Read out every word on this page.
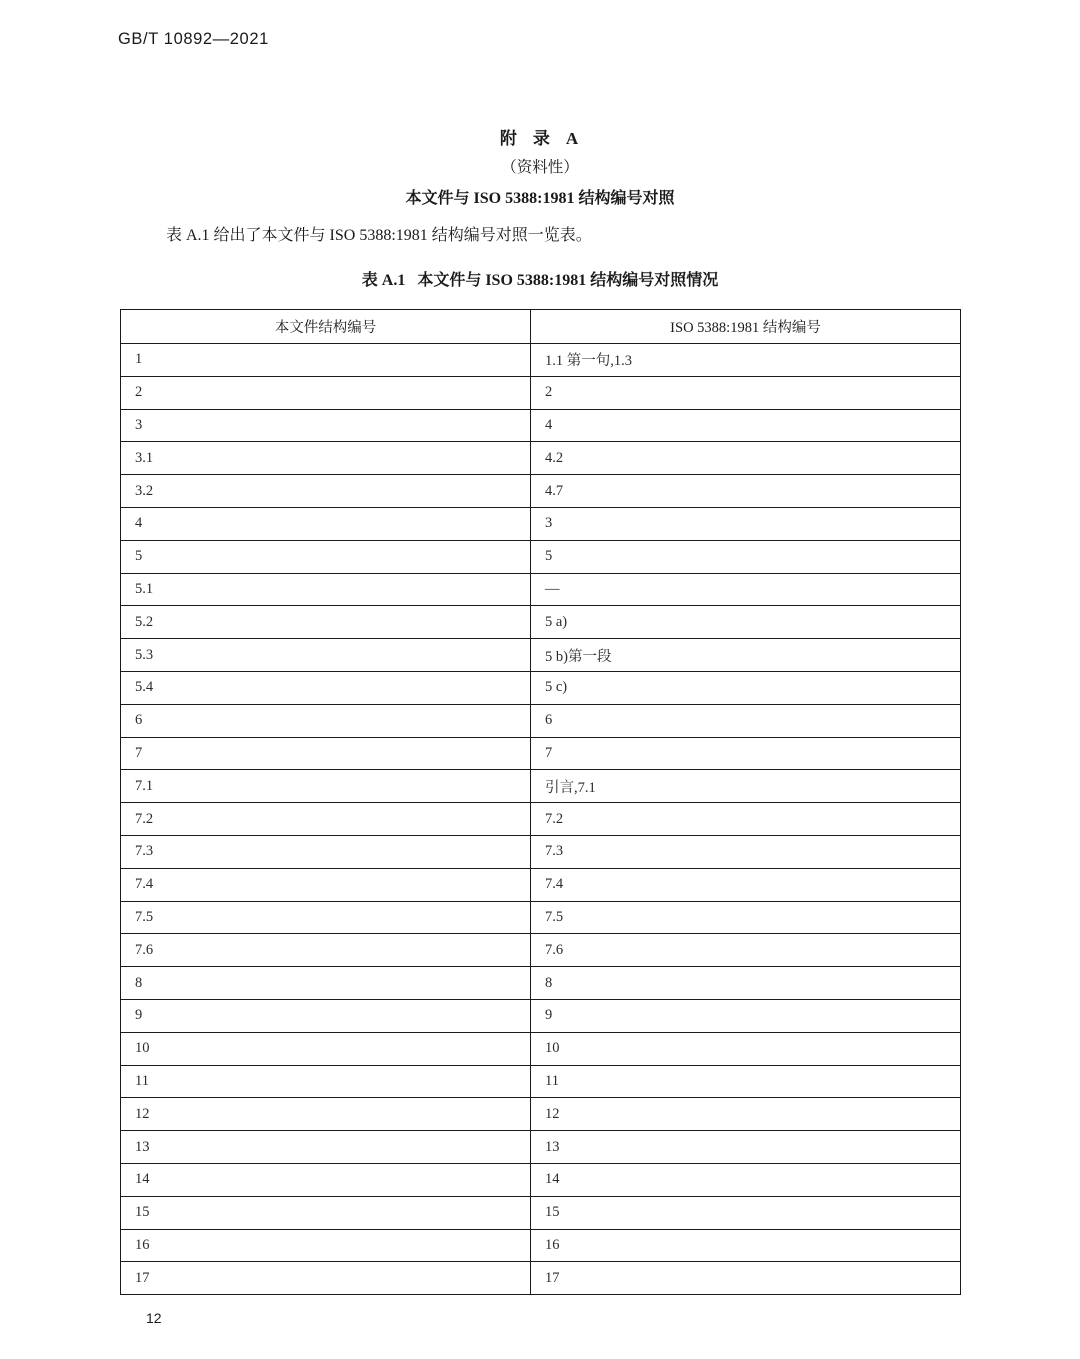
GB/T 10892—2021
附 录 A
（资料性）
本文件与 ISO 5388:1981 结构编号对照
表 A.1 给出了本文件与 ISO 5388:1981 结构编号对照一览表。
表 A.1 本文件与 ISO 5388:1981 结构编号对照情况
本文件结构编号	ISO 5388:1981 结构编号
1	1.1 第一句,1.3
2	2
3	4
3.1	4.2
3.2	4.7
4	3
5	5
5.1	—
5.2	5 a)
5.3	5 b)第一段
5.4	5 c)
6	6
7	7
7.1	引言,7.1
7.2	7.2
7.3	7.3
7.4	7.4
7.5	7.5
7.6	7.6
8	8
9	9
10	10
11	11
12	12
13	13
14	14
15	15
16	16
17	17
12
